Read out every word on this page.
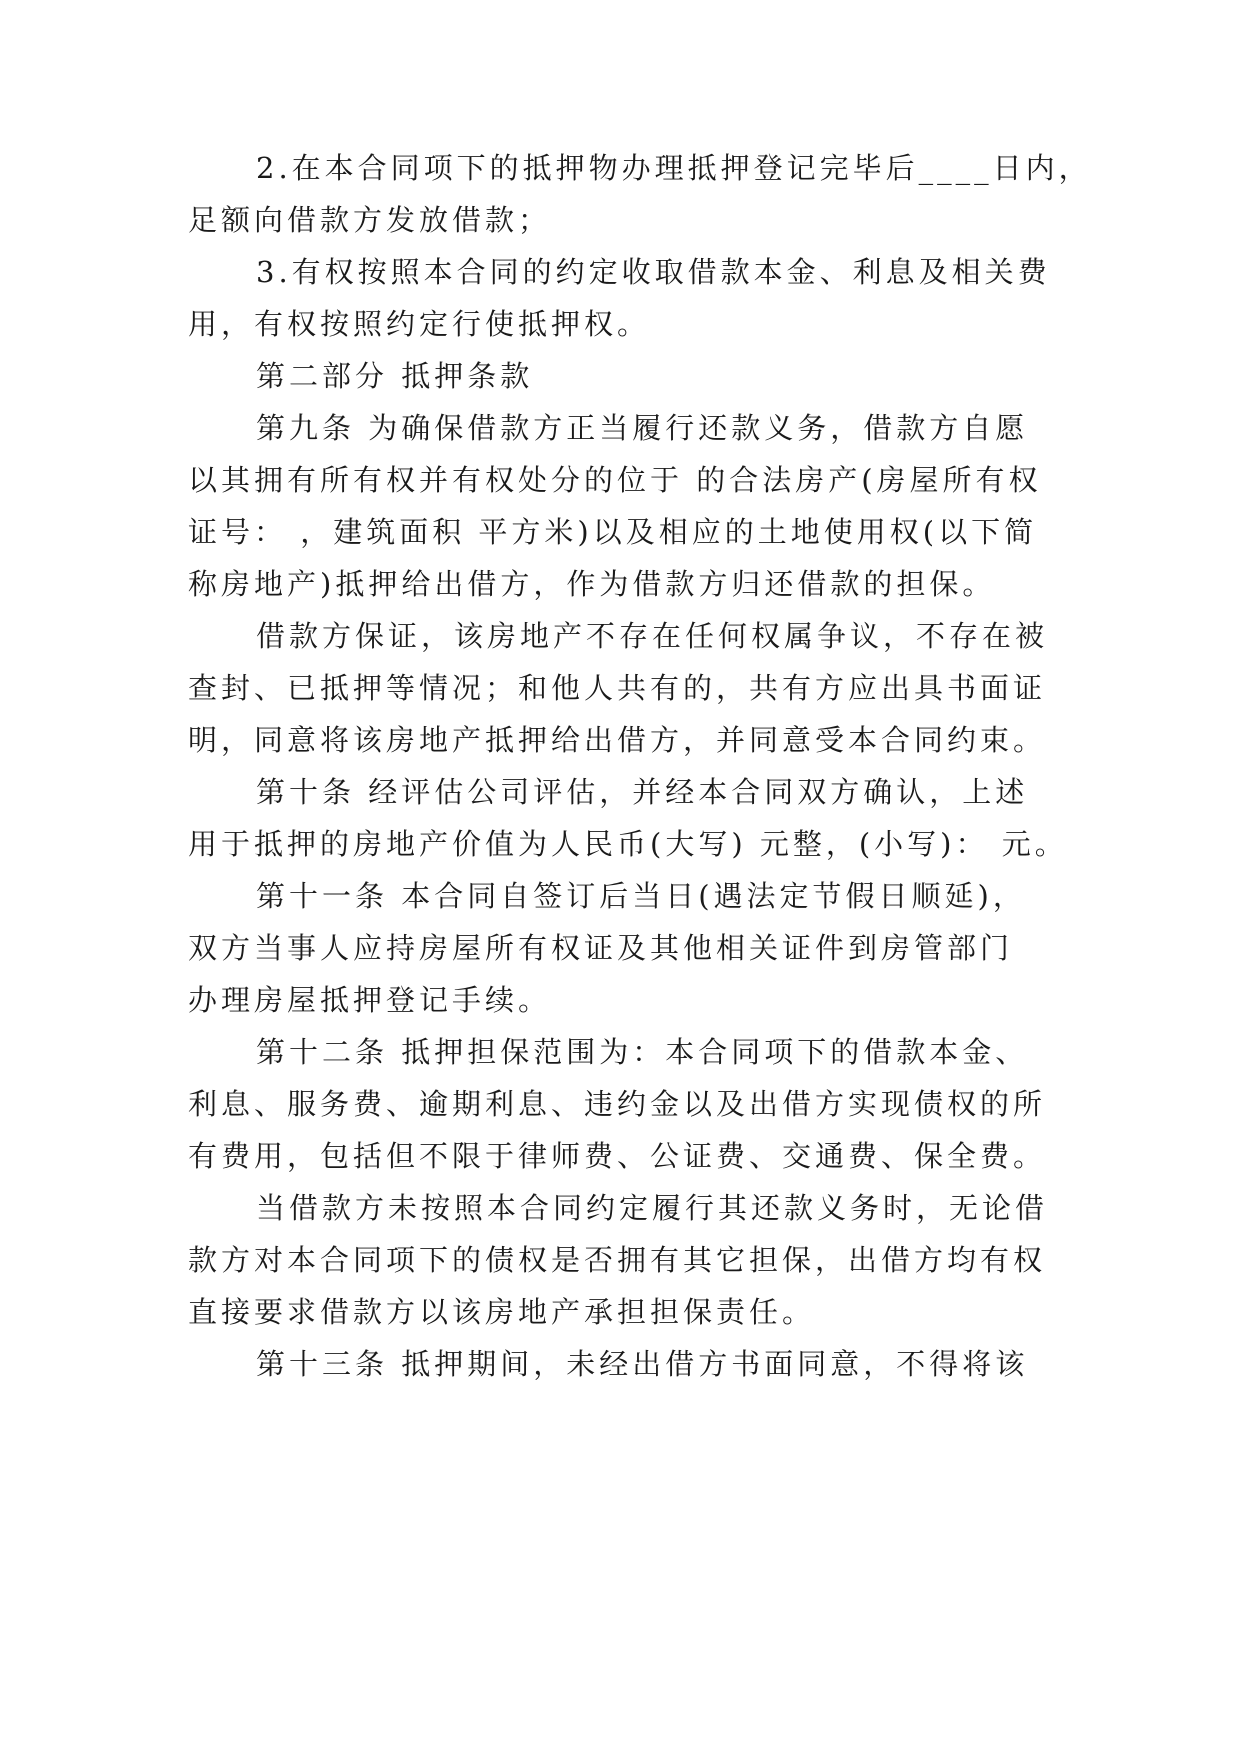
2.在本合同项下的抵押物办理抵押登记完毕后____日内，
足额向借款方发放借款；
3.有权按照本合同的约定收取借款本金、利息及相关费
用，有权按照约定行使抵押权。
第二部分 抵押条款
第九条 为确保借款方正当履行还款义务，借款方自愿
以其拥有所有权并有权处分的位于 的合法房产(房屋所有权
证号： ，建筑面积 平方米)以及相应的土地使用权(以下简
称房地产)抵押给出借方，作为借款方归还借款的担保。
借款方保证，该房地产不存在任何权属争议，不存在被
查封、已抵押等情况；和他人共有的，共有方应出具书面证
明，同意将该房地产抵押给出借方，并同意受本合同约束。
第十条 经评估公司评估，并经本合同双方确认，上述
用于抵押的房地产价值为人民币(大写) 元整，(小写)： 元。
第十一条 本合同自签订后当日(遇法定节假日顺延)，
双方当事人应持房屋所有权证及其他相关证件到房管部门
办理房屋抵押登记手续。
第十二条 抵押担保范围为：本合同项下的借款本金、
利息、服务费、逾期利息、违约金以及出借方实现债权的所
有费用，包括但不限于律师费、公证费、交通费、保全费。
当借款方未按照本合同约定履行其还款义务时，无论借
款方对本合同项下的债权是否拥有其它担保，出借方均有权
直接要求借款方以该房地产承担担保责任。
第十三条 抵押期间，未经出借方书面同意，不得将该
